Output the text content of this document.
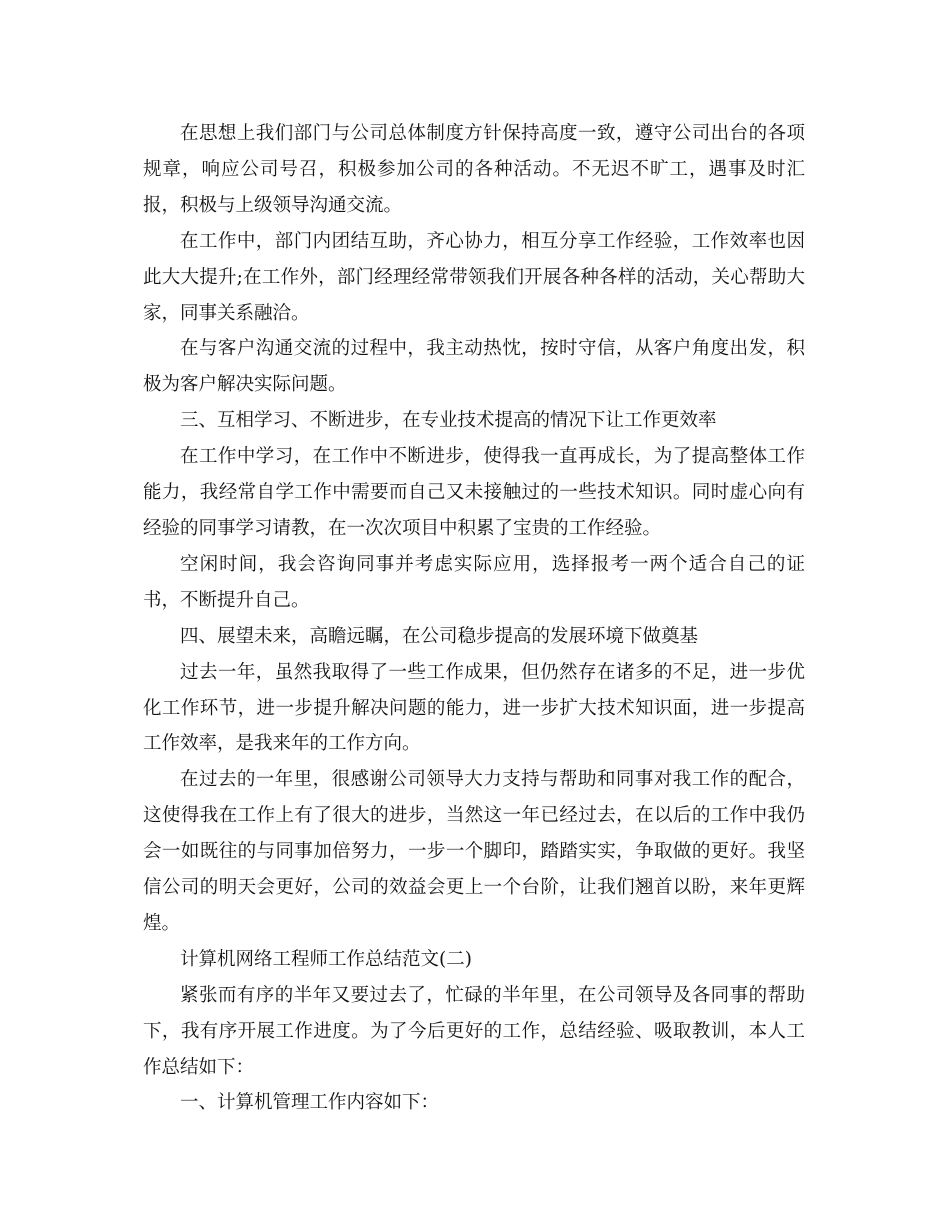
在思想上我们部门与公司总体制度方针保持高度一致，遵守公司出台的各项规章，响应公司号召，积极参加公司的各种活动。不无迟不旷工，遇事及时汇报，积极与上级领导沟通交流。

在工作中，部门内团结互助，齐心协力，相互分享工作经验，工作效率也因此大大提升;在工作外，部门经理经常带领我们开展各种各样的活动，关心帮助大家，同事关系融洽。

在与客户沟通交流的过程中，我主动热忱，按时守信，从客户角度出发，积极为客户解决实际问题。

三、互相学习、不断进步，在专业技术提高的情况下让工作更效率

在工作中学习，在工作中不断进步，使得我一直再成长，为了提高整体工作能力，我经常自学工作中需要而自己又未接触过的一些技术知识。同时虚心向有经验的同事学习请教，在一次次项目中积累了宝贵的工作经验。

空闲时间，我会咨询同事并考虑实际应用，选择报考一两个适合自己的证书，不断提升自己。

四、展望未来，高瞻远瞩，在公司稳步提高的发展环境下做奠基

过去一年，虽然我取得了一些工作成果，但仍然存在诸多的不足，进一步优化工作环节，进一步提升解决问题的能力，进一步扩大技术知识面，进一步提高工作效率，是我来年的工作方向。

在过去的一年里，很感谢公司领导大力支持与帮助和同事对我工作的配合，这使得我在工作上有了很大的进步，当然这一年已经过去，在以后的工作中我仍会一如既往的与同事加倍努力，一步一个脚印，踏踏实实，争取做的更好。我坚信公司的明天会更好，公司的效益会更上一个台阶，让我们翘首以盼，来年更辉煌。

计算机网络工程师工作总结范文(二)

紧张而有序的半年又要过去了，忙碌的半年里，在公司领导及各同事的帮助下，我有序开展工作进度。为了今后更好的工作，总结经验、吸取教训，本人工作总结如下：

一、计算机管理工作内容如下：
